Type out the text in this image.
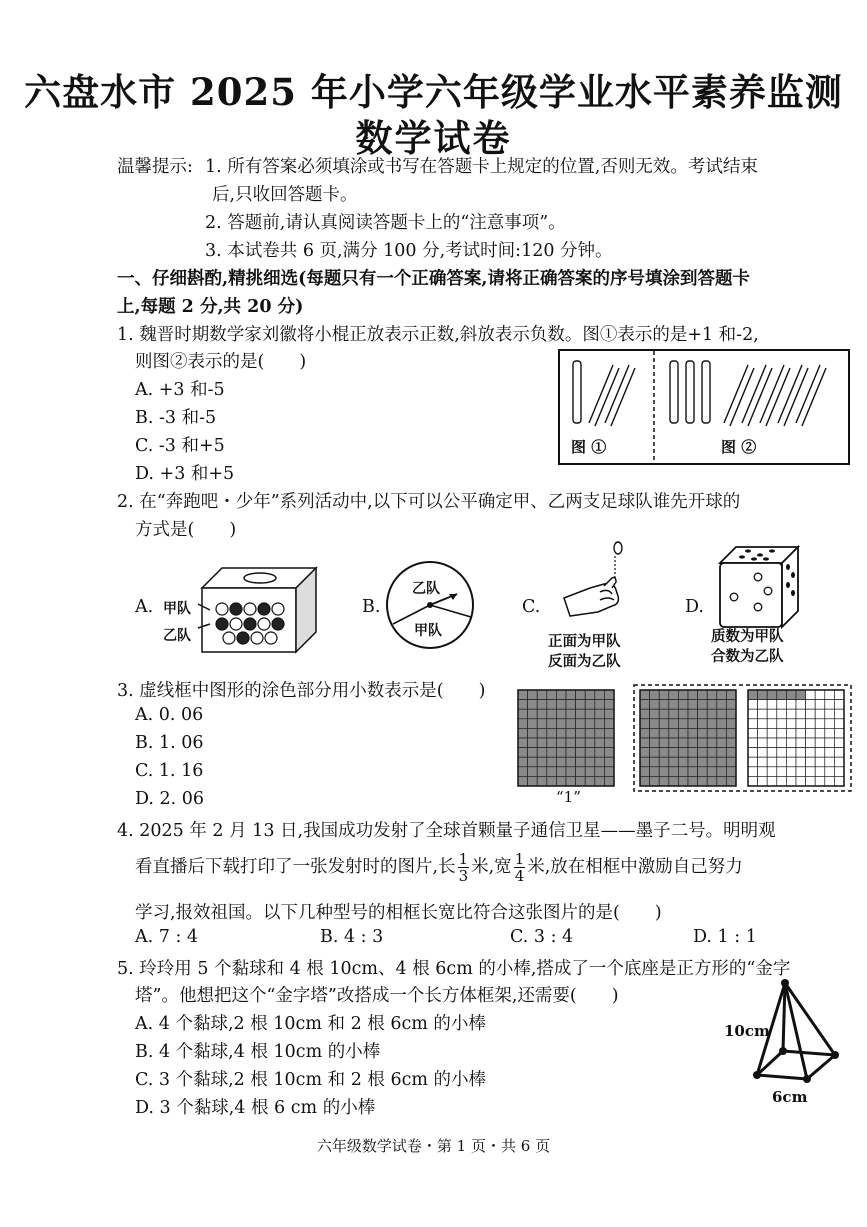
六盘水市 2025 年小学六年级学业水平素养监测
数学试卷
温馨提示: 1. 所有答案必须填涂或书写在答题卡上规定的位置,否则无效。考试结束
后,只收回答题卡。
2. 答题前,请认真阅读答题卡上的“注意事项”。
3. 本试卷共 6 页,满分 100 分,考试时间:120 分钟。
一、仔细斟酌,精挑细选(每题只有一个正确答案,请将正确答案的序号填涂到答题卡
上,每题 2 分,共 20 分)
1. 魏晋时期数学家刘徽将小棍正放表示正数,斜放表示负数。图①表示的是+1 和-2,
则图②表示的是(　　)
A. +3 和-5
B. -3 和-5
C. -3 和+5
D. +3 和+5
图 ①	图 ②
2. 在“奔跑吧・少年”系列活动中,以下可以公平确定甲、乙两支足球队谁先开球的
方式是(　　)
A. 甲队
乙队
B.
乙队
甲队
C.
正面为甲队
反面为乙队
D.
质数为甲队
合数为乙队
3. 虚线框中图形的涂色部分用小数表示是(　　)
A. 0. 06
B. 1. 06
C. 1. 16
D. 2. 06	“1”
4. 2025 年 2 月 13 日,我国成功发射了全球首颗量子通信卫星——墨子二号。明明观
看直播后下载打印了一张发射时的图片,长 $\frac{1}{3}$ 米,宽 $\frac{1}{4}$ 米,放在相框中激励自己努力
学习,报效祖国。以下几种型号的相框长宽比符合这张图片的是(　　)
A. 7 : 4	B. 4 : 3	C. 3 : 4	D. 1 : 1
5. 玲玲用 5 个黏球和 4 根 10cm、4 根 6cm 的小棒,搭成了一个底座是正方形的“金字
塔”。他想把这个“金字塔”改搭成一个长方体框架,还需要(　　)
A. 4 个黏球,2 根 10cm 和 2 根 6cm 的小棒
B. 4 个黏球,4 根 10cm 的小棒
C. 3 个黏球,2 根 10cm 和 2 根 6cm 的小棒
D. 3 个黏球,4 根 6 cm 的小棒
10cm
6cm
六年级数学试卷・第 1 页・共 6 页
